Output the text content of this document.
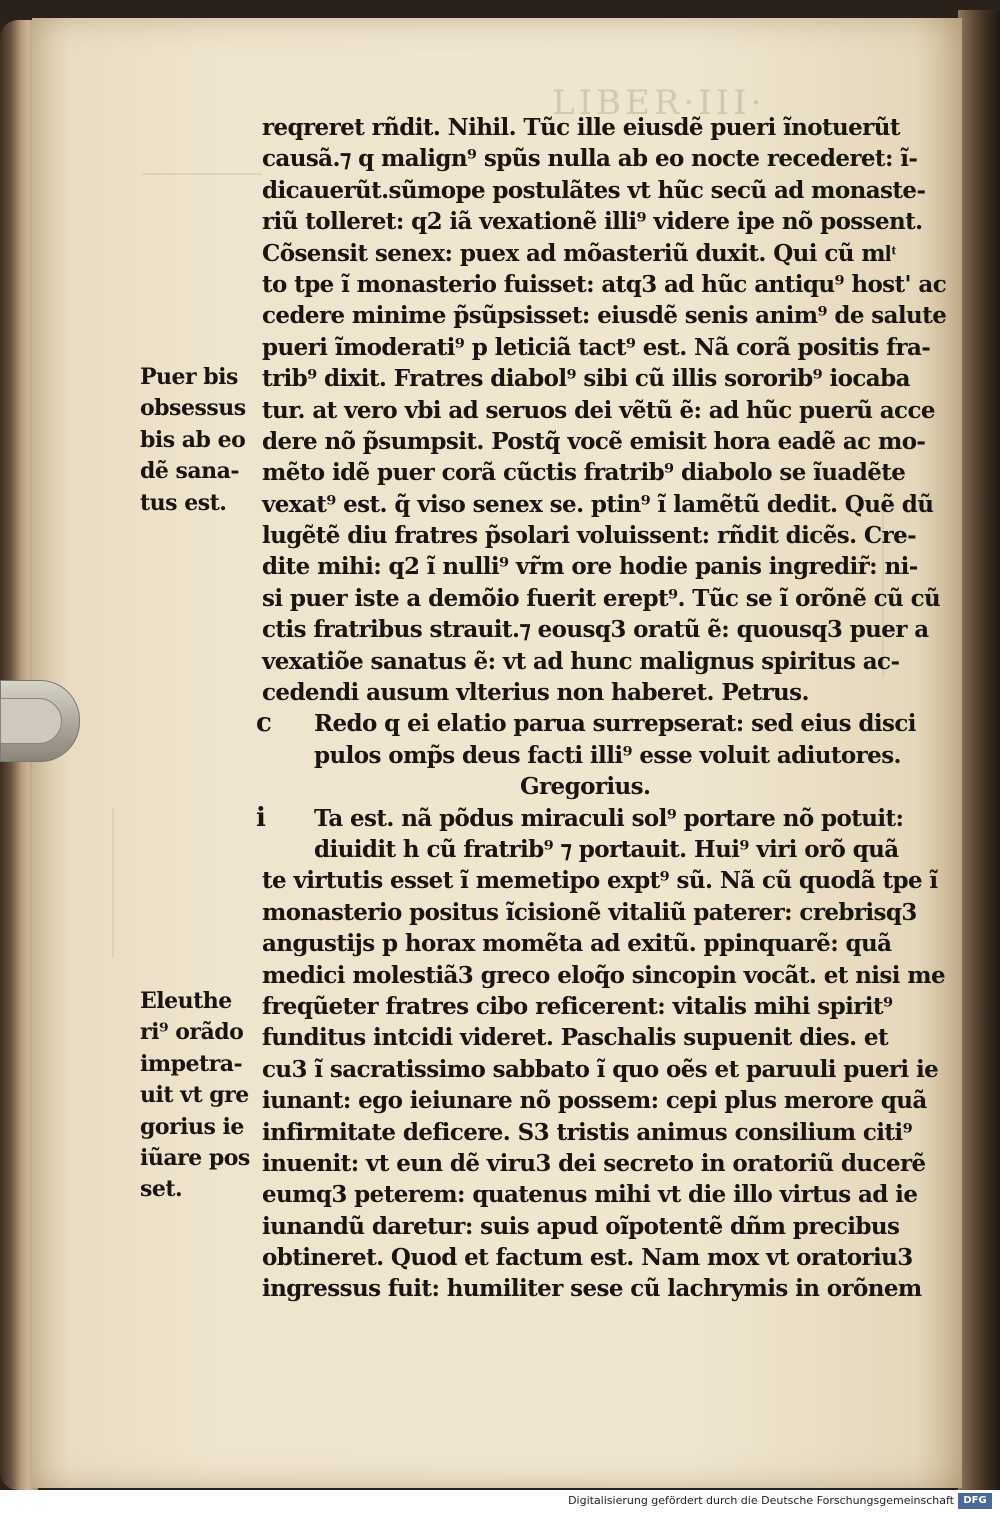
LIBER·III·
Puer bis
obsessus
bis ab eo
dẽ sana-
tus est.
Eleuthe
ri⁹ orãdo
impetra-
uit vt gre
gorius ie
iũare pos
set.
reqreret rñdit. Nihil. Tũc ille eiusdẽ pueri ĩnotuerũt
causã.⁊ q malign⁹ spũs nulla ab eo nocte recederet: ĩ-
dicauerũt.sũmope postulãtes vt hũc secũ ad monaste-
riũ tolleret: q2 iã vexationẽ illi⁹ videre ipe nõ possent.
Cõsensit senex: puex ad mõasteriũ duxit. Qui cũ mlͭ
to tpe ĩ monasterio fuisset: atq3 ad hũc antiqu⁹ host' ac
cedere minime p̃sũpsisset: eiusdẽ senis anim⁹ de salute
pueri ĩmoderati⁹ p leticiã tact⁹ est. Nã corã positis fra-
trib⁹ dixit. Fratres diabol⁹ sibi cũ illis sororib⁹ iocaba
tur. at vero vbi ad seruos dei vẽtũ ẽ: ad hũc puerũ acce
dere nõ p̃sumpsit. Postq̃ vocẽ emisit hora eadẽ ac mo-
mẽto idẽ puer corã cũctis fratrib⁹ diabolo se ĩuadẽte
vexat⁹ est. q̃ viso senex se. ptin⁹ ĩ lamẽtũ dedit. Quẽ dũ
lugẽtẽ diu fratres p̃solari voluissent: rñdit dicẽs. Cre-
dite mihi: q2 ĩ nulli⁹ vr̃m ore hodie panis ingredir̃: ni-
si puer iste a demõio fuerit erept⁹. Tũc se ĩ orõnẽ cũ cũ
ctis fratribus strauit.⁊ eousq3 oratũ ẽ: quousq3 puer a
vexatiõe sanatus ẽ: vt ad hunc malignus spiritus ac-
cedendi ausum vlterius non haberet. Petrus.
c	Redo q ei elatio parua surrepserat: sed eius disci
pulos omp̃s deus facti illi⁹ esse voluit adiutores.
Gregorius.
i	Ta est. nã põdus miraculi sol⁹ portare nõ potuit:
diuidit h cũ fratrib⁹ ⁊ portauit. Hui⁹ viri orõ quã
te virtutis esset ĩ memetipo expt⁹ sũ. Nã cũ quodã tpe ĩ
monasterio positus ĩcisionẽ vitaliũ paterer: crebrisq3
angustijs p horax momẽta ad exitũ. ppinquarẽ: quã
medici molestiã3 greco eloq̃o sincopin vocãt. et nisi me
freqũeter fratres cibo reficerent: vitalis mihi spirit⁹
funditus intcidi videret. Paschalis supuenit dies. et
cu3 ĩ sacratissimo sabbato ĩ quo oẽs et paruuli pueri ie
iunant: ego ieiunare nõ possem: cepi plus merore quã
infirmitate deficere. S3 tristis animus consilium citi⁹
inuenit: vt eun dẽ viru3 dei secreto in oratoriũ ducerẽ
eumq3 peterem: quatenus mihi vt die illo virtus ad ie
iunandũ daretur: suis apud oĩpotentẽ dñm precibus
obtineret. Quod et factum est. Nam mox vt oratoriu3
ingressus fuit: humiliter sese cũ lachrymis in orõnem
Digitalisierung gefördert durch die Deutsche Forschungsgemeinschaft DFG
